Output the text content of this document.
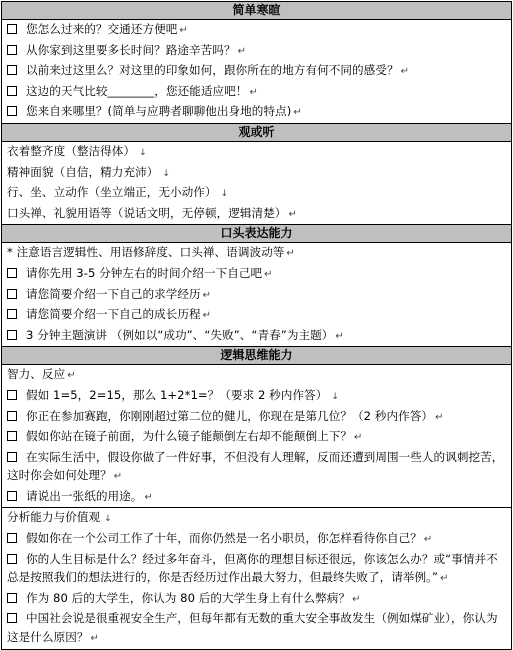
简单寒暄
您怎么过来的？交通还方便吧 ↵
从你家到这里要多长时间？路途辛苦吗？ ↵
以前来过这里么？对这里的印象如何，跟你所在的地方有何不同的感受？ ↵
这边的天气比较________，您还能适应吧！ ↵
您来自来哪里？(简单与应聘者聊聊他出身地的特点) ↵
观或听
衣着整齐度（整洁得体） ↓
精神面貌（自信，精力充沛） ↓
行、坐、立动作（坐立端正，无小动作） ↓
口头禅、礼貌用语等（说话文明，无停顿，逻辑清楚） ↵
口头表达能力
* 注意语言逻辑性、用语修辞度、口头禅、语调波动等 ↵
请你先用 3-5 分钟左右的时间介绍一下自己吧 ↵
请您简要介绍一下自己的求学经历 ↵
请您简要介绍一下自己的成长历程 ↵
3 分钟主题演讲 （例如以“成功”、“失败”、“青春”为主题） ↵
逻辑思维能力
智力、反应 ↵
假如 1=5，2=15，那么 1+2*1=？（要求 2 秒内作答） ↓
你正在参加赛跑，你刚刚超过第二位的健儿，你现在是第几位？（2 秒内作答） ↵
假如你站在镜子前面，为什么镜子能颠倒左右却不能颠倒上下？ ↵
在实际生活中，假设你做了一件好事，不但没有人理解，反而还遭到周围一些人的讽刺挖苦，这时你会如何处理？ ↵
请说出一张纸的用途。 ↵
分析能力与价值观 ↓
假如你在一个公司工作了十年，而你仍然是一名小职员，你怎样看待你自己？ ↵
你的人生目标是什么？经过多年奋斗，但离你的理想目标还很远，你该怎么办？或“事情并不总是按照我们的想法进行的，你是否经历过作出最大努力，但最终失败了，请举例。” ↵
作为 80 后的大学生，你认为 80 后的大学生身上有什么弊病？ ↵
中国社会说是很重视安全生产，但每年都有无数的重大安全事故发生（例如煤矿业），你认为这是什么原因？ ↵
